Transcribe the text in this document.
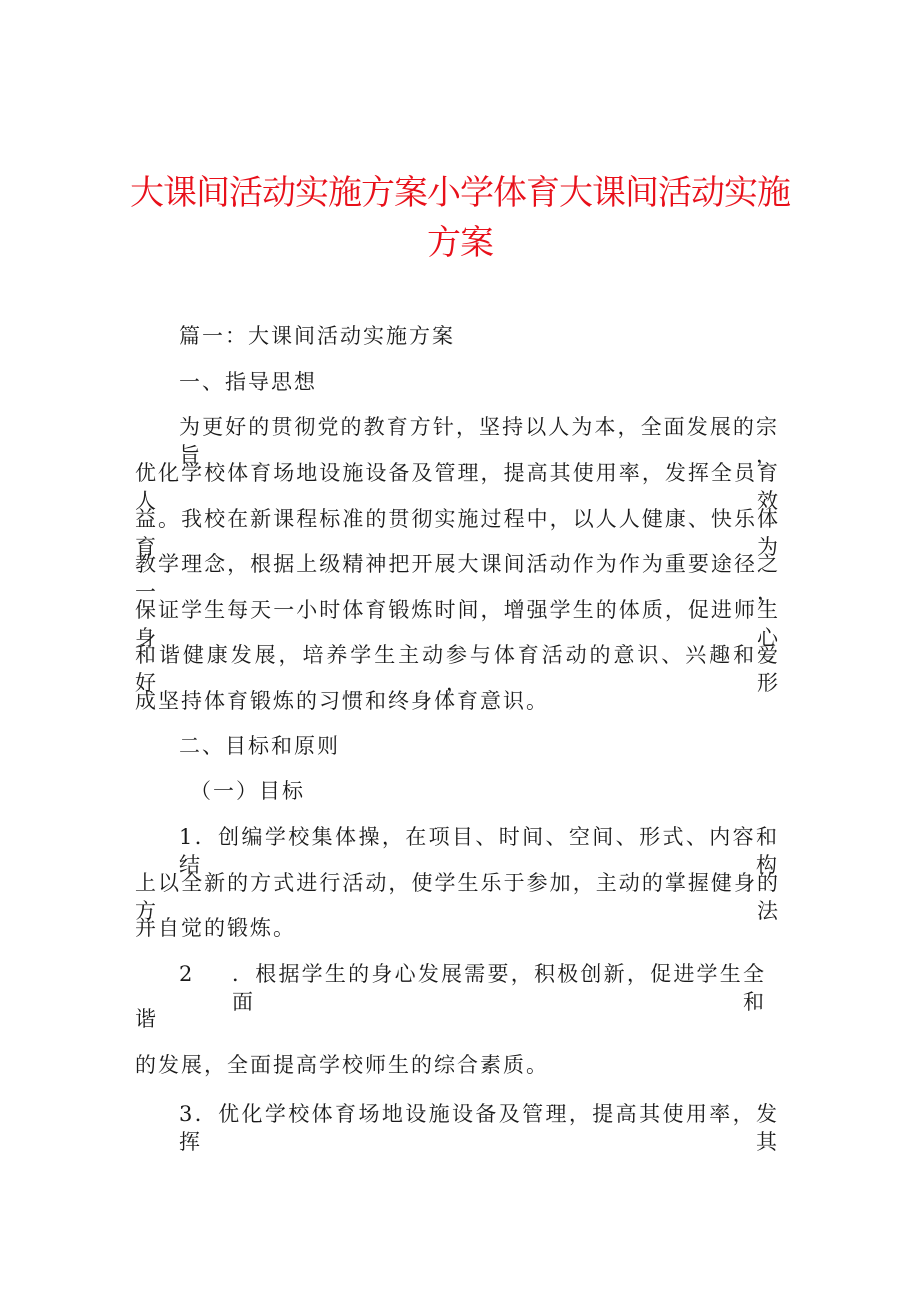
大课间活动实施方案小学体育大课间活动实施
方案
篇一：大课间活动实施方案
一、指导思想
为更好的贯彻党的教育方针，坚持以人为本，全面发展的宗旨，
优化学校体育场地设施设备及管理，提高其使用率，发挥全员育人效
益。我校在新课程标准的贯彻实施过程中，以人人健康、快乐体育为
教学理念，根据上级精神把开展大课间活动作为作为重要途径之一，
保证学生每天一小时体育锻炼时间，增强学生的体质，促进师生身心
和谐健康发展，培养学生主动参与体育活动的意识、兴趣和爱好，形
成坚持体育锻炼的习惯和终身体育意识。
二、目标和原则
（一）目标
1．创编学校集体操，在项目、时间、空间、形式、内容和结构
上以全新的方式进行活动，使学生乐于参加，主动的掌握健身的方法
并自觉的锻炼。
2 ．根据学生的身心发展需要，积极创新，促进学生全面和
谐
的发展，全面提高学校师生的综合素质。
3．优化学校体育场地设施设备及管理，提高其使用率，发挥其
